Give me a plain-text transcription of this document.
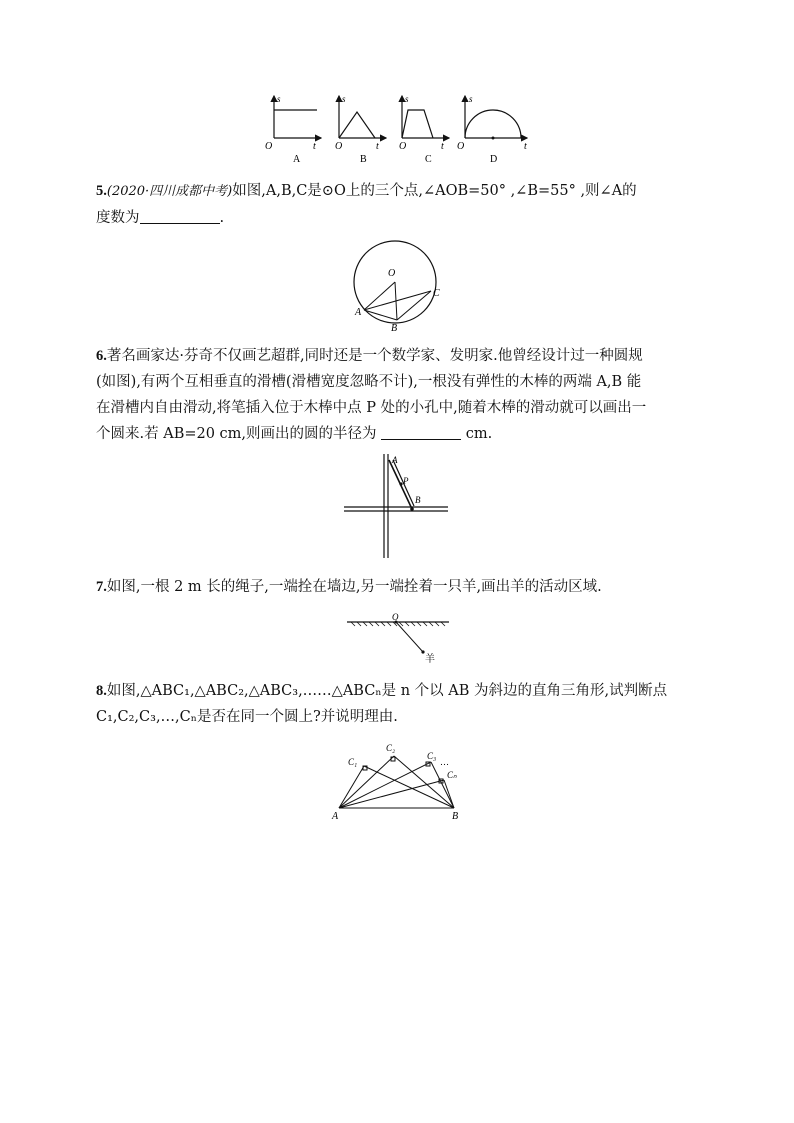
s
O	t
A
s
O	t
B
s
O	t
C
s
O	t
D
5.(2020·四川成都中考)如图,A,B,C是⊙O上的三个点,∠AOB=50° ,∠B=55° ,则∠A的
度数为	.
O
A
B
C
6.著名画家达·芬奇不仅画艺超群,同时还是一个数学家、发明家.他曾经设计过一种圆规
(如图),有两个互相垂直的滑槽(滑槽宽度忽略不计),一根没有弹性的木棒的两端 A,B 能
在滑槽内自由滑动,将笔插入位于木棒中点 P 处的小孔中,随着木棒的滑动就可以画出一
个圆来.若 AB=20 cm,则画出的圆的半径为	cm.
A
P
B
7.如图,一根 2 m 长的绳子,一端拴在墙边,另一端拴着一只羊,画出羊的活动区域.
O
羊
8.如图,△ABC₁,△ABC₂,△ABC₃,……△ABCₙ是 n 个以 AB 为斜边的直角三角形,试判断点
C₁,C₂,C₃,…,Cₙ是否在同一个圆上?并说明理由.
C₁
C₂
C₃
…
Cₙ
A	B
